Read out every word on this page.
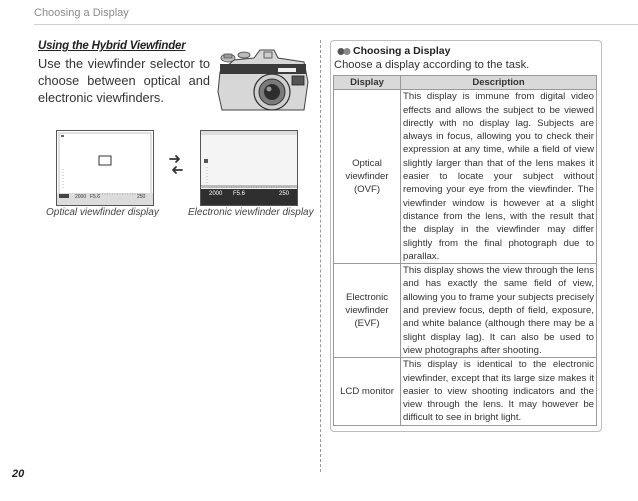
Choosing a Display
Using the Hybrid Viewfinder
Use the viewfinder selector to choose between optical and electronic viewfinders.
2000 F5.6	250	2000 F5.6	250
Optical viewfinder display	Electronic viewfinder display
Choosing a Display
Choose a display according to the task.
Display	Description
Optical viewfinder (OVF)	This display is immune from digital video effects and allows the subject to be viewed directly with no display lag. Subjects are always in focus, allowing you to check their expression at any time, while a field of view slightly larger than that of the lens makes it easier to locate your subject without removing your eye from the viewfinder. The viewfinder window is however at a slight distance from the lens, with the result that the display in the viewfinder may differ slightly from the final photograph due to parallax.
Electronic viewfinder (EVF)	This display shows the view through the lens and has exactly the same field of view, allowing you to frame your subjects precisely and preview focus, depth of field, exposure, and white balance (although there may be a slight display lag). It can also be used to view photographs after shooting.
LCD monitor	This display is identical to the electronic viewfinder, except that its large size makes it easier to view shooting indicators and the view through the lens. It may however be difficult to see in bright light.
20
